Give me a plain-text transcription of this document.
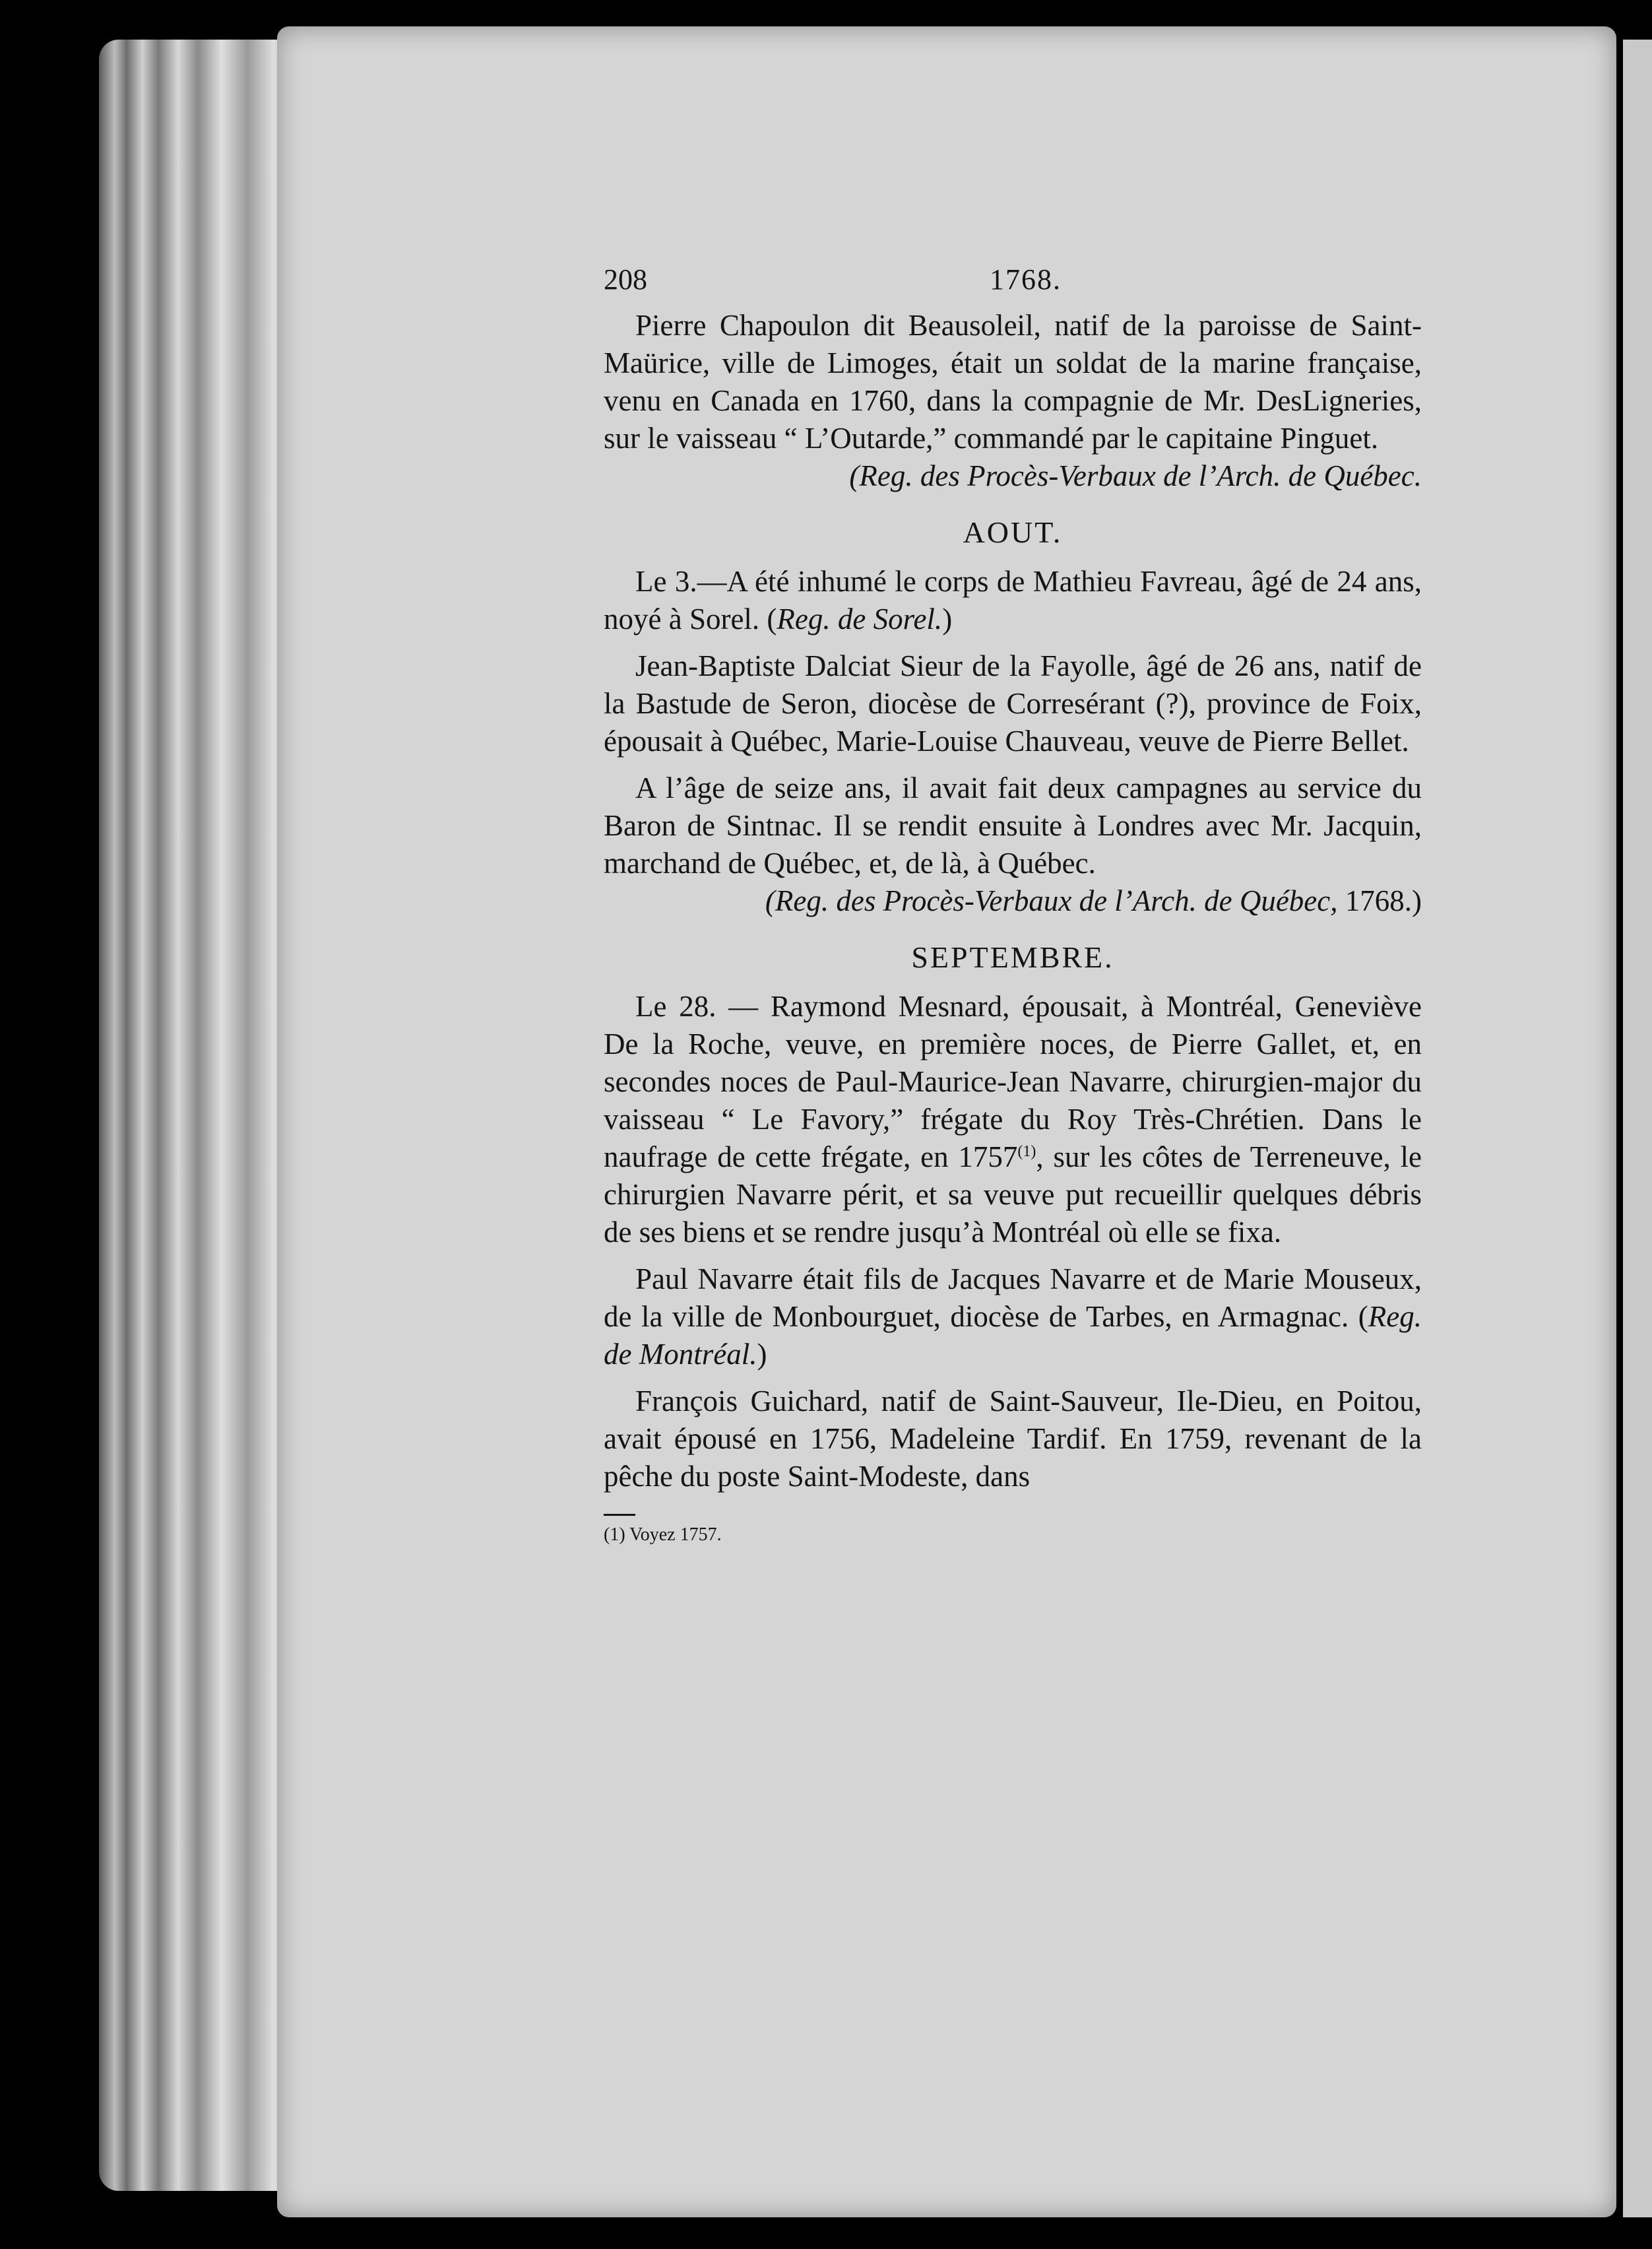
208	1768.

Pierre Chapoulon dit Beausoleil, natif de la paroisse de Saint-Maürice, ville de Limoges, était un soldat de la marine française, venu en Canada en 1760, dans la compagnie de Mr. DesLigneries, sur le vaisseau “ L’Outarde,” commandé par le capitaine Pinguet.

(Reg. des Procès-Verbaux de l’Arch. de Québec.

AOUT.

Le 3.—A été inhumé le corps de Mathieu Favreau, âgé de 24 ans, noyé à Sorel. (Reg. de Sorel.)

Jean-Baptiste Dalciat Sieur de la Fayolle, âgé de 26 ans, natif de la Bastude de Seron, diocèse de Corresérant (?), province de Foix, épousait à Québec, Marie-Louise Chauveau, veuve de Pierre Bellet.

A l’âge de seize ans, il avait fait deux campagnes au service du Baron de Sintnac. Il se rendit ensuite à Londres avec Mr. Jacquin, marchand de Québec, et, de là, à Québec.

(Reg. des Procès-Verbaux de l’Arch. de Québec, 1768.)

SEPTEMBRE.

Le 28. — Raymond Mesnard, épousait, à Montréal, Geneviève De la Roche, veuve, en première noces, de Pierre Gallet, et, en secondes noces de Paul-Maurice-Jean Navarre, chirurgien-major du vaisseau “ Le Favory,” frégate du Roy Très-Chrétien. Dans le naufrage de cette frégate, en 1757$^{(1)}$, sur les côtes de Terreneuve, le chirurgien Navarre périt, et sa veuve put recueillir quelques débris de ses biens et se rendre jusqu’à Montréal où elle se fixa.

Paul Navarre était fils de Jacques Navarre et de Marie Mouseux, de la ville de Monbourguet, diocèse de Tarbes, en Armagnac. (Reg. de Montréal.)

François Guichard, natif de Saint-Sauveur, Ile-Dieu, en Poitou, avait épousé en 1756, Madeleine Tardif. En 1759, revenant de la pêche du poste Saint-Modeste, dans

(1) Voyez 1757.
